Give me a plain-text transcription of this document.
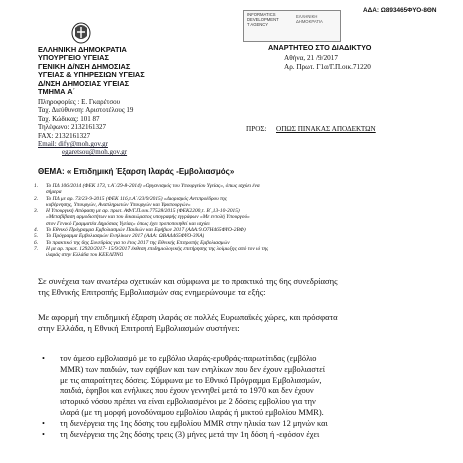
ΑΔΑ: Ω893465ΦΥΟ-8ΘΝ
INFORMATICS
DEVELOPMENT
T AGENCY
ΕΛΛΗΝΙΚΗ
ΔΗΜΟΚΡΑΤΙΑ
ΑΝΑΡΤΗΤΕΟ ΣΤΟ ΔΙΑΔΙΚΤΥΟ
Αθήνα, 21 /9/2017
Αρ. Πρωτ. Γ1α/Γ.Π.οικ.71220
ΕΛΛΗΝΙΚΗ ΔΗΜΟΚΡΑΤΙΑ
ΥΠΟΥΡΓΕΙΟ ΥΓΕΙΑΣ
ΓΕΝΙΚΗ Δ/ΝΣΗ ΔΗΜΟΣΙΑΣ
ΥΓΕΙΑΣ & ΥΠΗΡΕΣΙΩΝ ΥΓΕΙΑΣ
Δ/ΝΣΗ ΔΗΜΟΣΙΑΣ ΥΓΕΙΑΣ
ΤΜΗΜΑ Α΄
Πληροφορίες : Ε. Γκαρέτσου
Ταχ. Διεύθυνση: Αριστοτέλους 19
Ταχ. Κώδικας: 101 87
Τηλέφωνο: 2132161327
FAX: 2132161327
Email: dify@moh.gov.gr
egaretsou@moh.gov.gr
ΠΡΟΣ: ΟΠΩΣ ΠΙΝΑΚΑΣ ΑΠΟΔΕΚΤΩΝ
ΘΕΜΑ: « Επιδημική Έξαρση Ιλαράς -Εμβολιασμός»
1.	Το ΠΔ 106/2014 (ΦΕΚ 173, τ.Α΄/29-8-2014) «Οργανισμός του Υπουργείου Υγείας», όπως ισχύει ένα
σήμερα
2.	Το ΠΔ με αρ. 73/23-9-2015 (ΦΕΚ 116,τ.Α΄/23/9/2015) «Διορισμός Αντιπροέδρου της
κυβέρνησης, Υπουργών, Αναπληρωτών Υπουργών και Υφυπουργών»
3.	Η Υπουργική Απόφαση με αρ. πρωτ. ΑΦ/Γ.Π.οικ.77528/2015 (ΦΕΚ2200,τ. Β΄,13-10-2015)
«Μεταβίβαση αρμοδιοτήτων και του δικαιώματος υπογραφής εγγράφων «Με εντολή Υπουργού»
στον Γενικό Γραμματέα Δημόσιας Υγείας» όπως έχει τροποποιηθεί και ισχύει
4.	Το Εθνικό Πρόγραμμα Εμβολιασμών Παιδιών και Εφήβων 2017 (ΑΔΑ:9.Ο7Η465ΦΥΟ-2ΒΦ)
5.	Το Πρόγραμμα Εμβολιασμών Ενηλίκων 2017 (ΑΔΑ: ΩΒΑΔ465ΦΥΟ-3ΝΑ)
6.	Το πρακτικό της 6ης Συνεδρίας για το έτος 2017 της Εθνικής Επιτροπής Εμβολιασμών
7.	Η με αρ. πρωτ. 12920/2017- 15/9/2017 έκθεση επιδημιολογικής επιτήρησης της λοίμωξης από τον ιό της
ιλαράς στην Ελλάδα του ΚΕΕΛΠΝΟ
Σε συνέχεια των ανωτέρω σχετικών και σύμφωνα με το πρακτικό της 6ης συνεδρίασης
της Εθνικής Επιτροπής Εμβολιασμών σας ενημερώνουμε τα εξής:
Με αφορμή την επιδημική έξαρση ιλαράς σε πολλές Ευρωπαϊκές χώρες, και πρόσφατα
στην Ελλάδα, η Εθνική Επιτροπή Εμβολιασμών συστήνει:
•	τον άμεσο εμβολιασμό με το εμβόλιο ιλαράς-ερυθράς-παρωτίτιδας (εμβόλιο
MMR) των παιδιών, των εφήβων και των ενηλίκων που δεν έχουν εμβολιαστεί
με τις απαραίτητες δόσεις. Σύμφωνα με το Εθνικό Πρόγραμμα Εμβολιασμών,
παιδιά, έφηβοι και ενήλικες που έχουν γεννηθεί μετά το 1970 και δεν έχουν
ιστορικό νόσου πρέπει να είναι εμβολιασμένοι με 2 δόσεις εμβολίου για την
ιλαρά (με τη μορφή μονοδύναμου εμβολίου ιλαράς ή μικτού εμβολίου MMR).
•	τη διενέργεια της 1ης δόσης του εμβολίου MMR στην ηλικία των 12 μηνών και
•	τη διενέργεια της 2ης δόσης τρεις (3) μήνες μετά την 1η δόση ή -εφόσον έχει
